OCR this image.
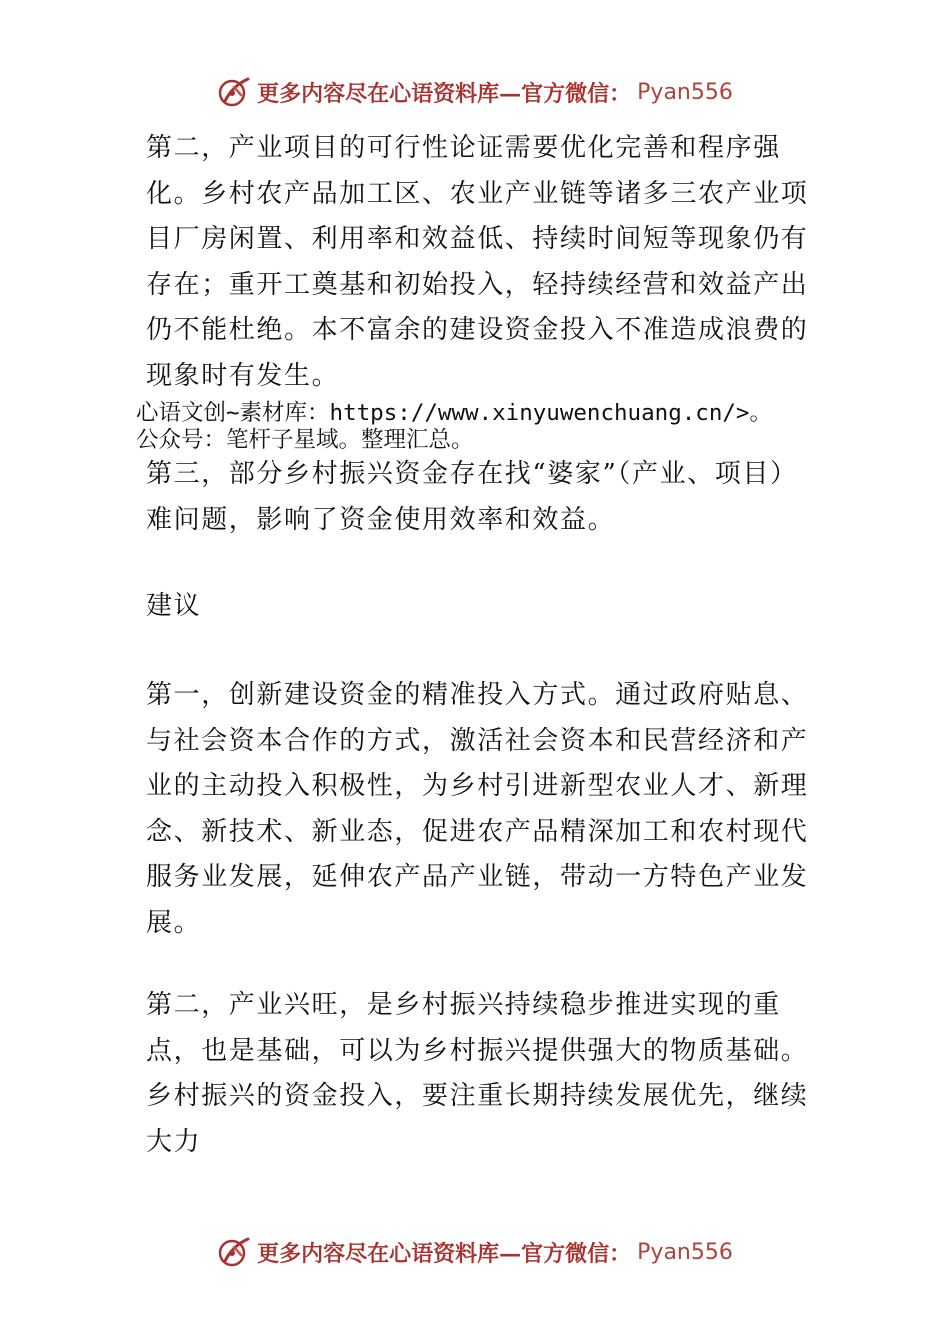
更多内容尽在心语资料库—官方微信： Pyan556

第二，产业项目的可行性论证需要优化完善和程序强化。乡村农产品加工区、农业产业链等诸多三农产业项目厂房闲置、利用率和效益低、持续时间短等现象仍有存在；重开工奠基和初始投入，轻持续经营和效益产出仍不能杜绝。本不富余的建设资金投入不准造成浪费的现象时有发生。

心语文创~素材库：https://www.xinyuwenchuang.cn/>。

公众号：笔杆子星域。整理汇总。

第三，部分乡村振兴资金存在找“婆家”（产业、项目）难问题，影响了资金使用效率和效益。

建议

第一，创新建设资金的精准投入方式。通过政府贴息、与社会资本合作的方式，激活社会资本和民营经济和产业的主动投入积极性，为乡村引进新型农业人才、新理念、新技术、新业态，促进农产品精深加工和农村现代服务业发展，延伸农产品产业链，带动一方特色产业发展。

第二，产业兴旺，是乡村振兴持续稳步推进实现的重点，也是基础，可以为乡村振兴提供强大的物质基础。乡村振兴的资金投入，要注重长期持续发展优先，继续大力

更多内容尽在心语资料库—官方微信： Pyan556
